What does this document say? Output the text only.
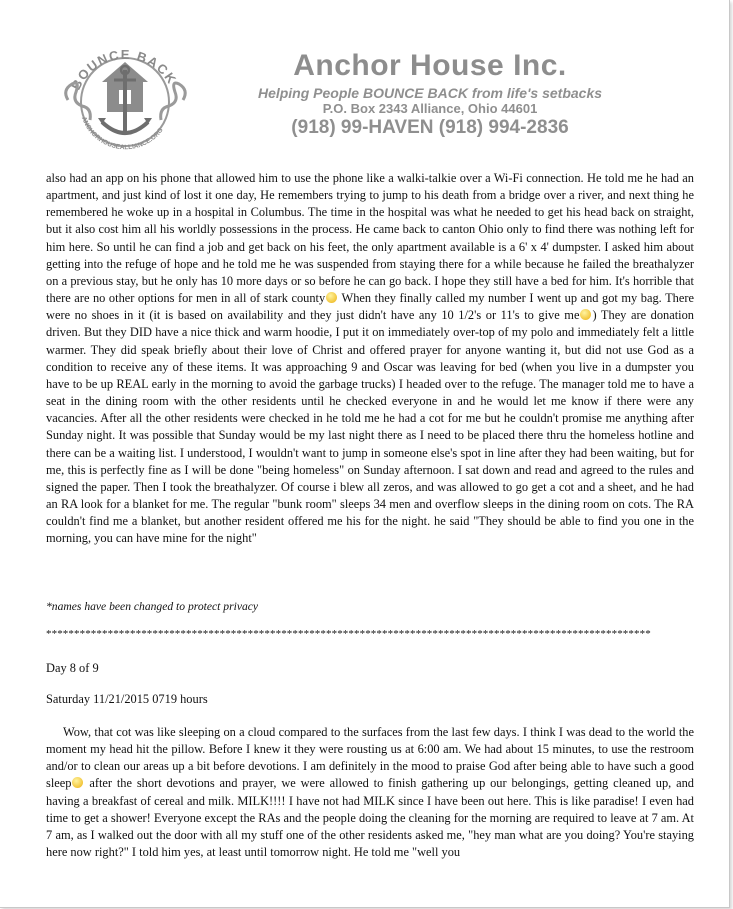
BOUNCE BACK
ANCHORHOUSEALLIANCE.ORG
Anchor House Inc.
Helping People BOUNCE BACK from life's setbacks
P.O. Box 2343 Alliance, Ohio 44601
(918) 99-HAVEN (918) 994-2836
also had an app on his phone that allowed him to use the phone like a walki-talkie over a Wi-Fi connection. He told me he had an apartment, and just kind of lost it one day, He remembers trying to jump to his death from a bridge over a river, and next thing he remembered he woke up in a hospital in Columbus. The time in the hospital was what he needed to get his head back on straight, but it also cost him all his worldly possessions in the process. He came back to canton Ohio only to find there was nothing left for him here. So until he can find a job and get back on his feet, the only apartment available is a 6' x 4' dumpster. I asked him about getting into the refuge of hope and he told me he was suspended from staying there for a while because he failed the breathalyzer on a previous stay, but he only has 10 more days or so before he can go back. I hope they still have a bed for him. It's horrible that there are no other options for men in all of stark county When they finally called my number I went up and got my bag. There were no shoes in it (it is based on availability and they just didn't have any 10 1/2's or 11's to give me ) They are donation driven. But they DID have a nice thick and warm hoodie, I put it on immediately over-top of my polo and immediately felt a little warmer. They did speak briefly about their love of Christ and offered prayer for anyone wanting it, but did not use God as a condition to receive any of these items. It was approaching 9 and Oscar was leaving for bed (when you live in a dumpster you have to be up REAL early in the morning to avoid the garbage trucks) I headed over to the refuge. The manager told me to have a seat in the dining room with the other residents until he checked everyone in and he would let me know if there were any vacancies. After all the other residents were checked in he told me he had a cot for me but he couldn't promise me anything after Sunday night. It was possible that Sunday would be my last night there as I need to be placed there thru the homeless hotline and there can be a waiting list. I understood, I wouldn't want to jump in someone else's spot in line after they had been waiting, but for me, this is perfectly fine as I will be done "being homeless" on Sunday afternoon. I sat down and read and agreed to the rules and signed the paper. Then I took the breathalyzer. Of course i blew all zeros, and was allowed to go get a cot and a sheet, and he had an RA look for a blanket for me. The regular "bunk room" sleeps 34 men and overflow sleeps in the dining room on cots. The RA couldn't find me a blanket, but another resident offered me his for the night. he said "They should be able to find you one in the morning, you can have mine for the night"
*names have been changed to protect privacy
************************************************************************************************************
Day 8 of 9
Saturday 11/21/2015 0719 hours
Wow, that cot was like sleeping on a cloud compared to the surfaces from the last few days. I think I was dead to the world the moment my head hit the pillow. Before I knew it they were rousting us at 6:00 am. We had about 15 minutes, to use the restroom and/or to clean our areas up a bit before devotions. I am definitely in the mood to praise God after being able to have such a good sleep after the short devotions and prayer, we were allowed to finish gathering up our belongings, getting cleaned up, and having a breakfast of cereal and milk. MILK!!!! I have not had MILK since I have been out here. This is like paradise! I even had time to get a shower! Everyone except the RAs and the people doing the cleaning for the morning are required to leave at 7 am. At 7 am, as I walked out the door with all my stuff one of the other residents asked me, "hey man what are you doing? You're staying here now right?" I told him yes, at least until tomorrow night. He told me "well you
